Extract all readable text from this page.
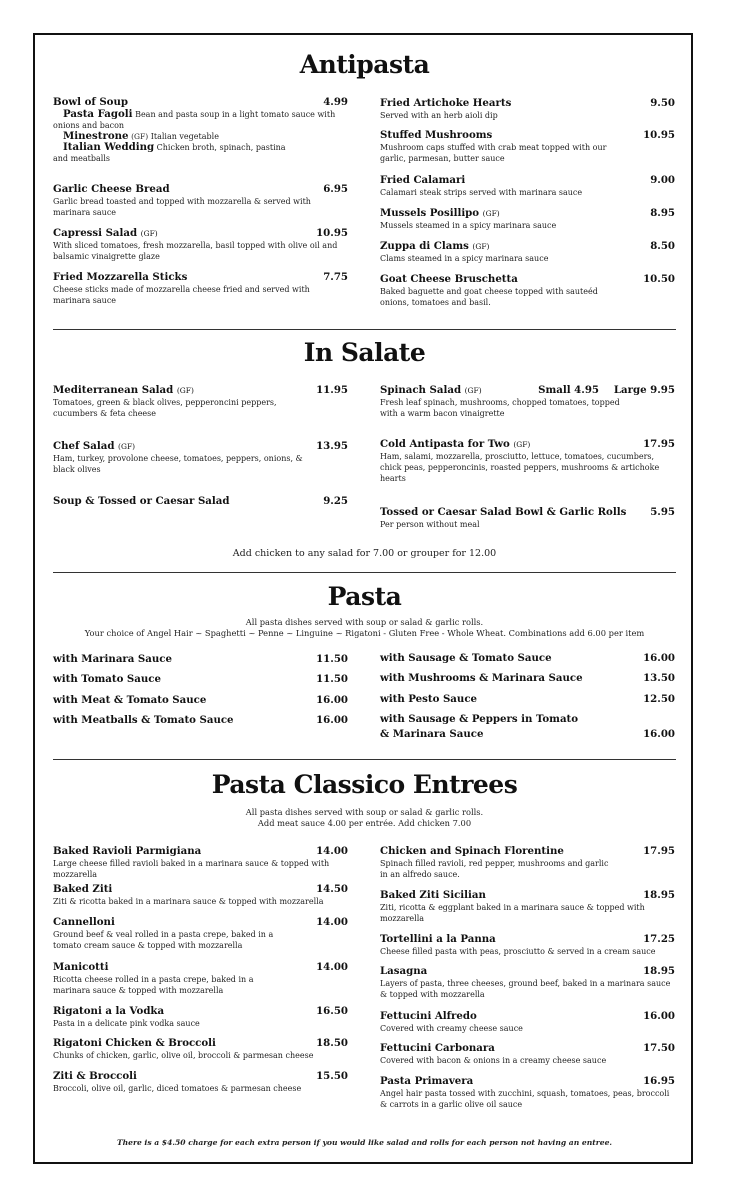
Antipasta
Bowl of Soup	4.99
Pasta Fagoli Bean and pasta soup in a light tomato sauce with
onions and bacon
Minestrone (GF) Italian vegetable
Italian Wedding Chicken broth, spinach, pastina
and meatballs
Garlic Cheese Bread	6.95
Garlic bread toasted and topped with mozzarella & served with marinara sauce
Capressi Salad (GF)	10.95
With sliced tomatoes, fresh mozzarella, basil topped with olive oil and balsamic vinaigrette glaze
Fried Mozzarella Sticks	7.75
Cheese sticks made of mozzarella cheese fried and served with marinara sauce
Fried Artichoke Hearts	9.50
Served with an herb aioli dip
Stuffed Mushrooms	10.95
Mushroom caps stuffed with crab meat topped with our garlic, parmesan, butter sauce
Fried Calamari	9.00
Calamari steak strips served with marinara sauce
Mussels Posillipo (GF)	8.95
Mussels steamed in a spicy marinara sauce
Zuppa di Clams (GF)	8.50
Clams steamed in a spicy marinara sauce
Goat Cheese Bruschetta	10.50
Baked baguette and goat cheese topped with sauteéd onions, tomatoes and basil.
In Salate
Mediterranean Salad (GF)	11.95
Tomatoes, green & black olives, pepperoncini peppers, cucumbers & feta cheese
Chef Salad (GF)	13.95
Ham, turkey, provolone cheese, tomatoes, peppers, onions, & black olives
Soup & Tossed or Caesar Salad	9.25
Spinach Salad (GF)	Small 4.95 Large 9.95
Fresh leaf spinach, mushrooms, chopped tomatoes, topped with a warm bacon vinaigrette
Cold Antipasta for Two (GF)	17.95
Ham, salami, mozzarella, prosciutto, lettuce, tomatoes, cucumbers, chick peas, pepperoncinis, roasted peppers, mushrooms & artichoke hearts
Tossed or Caesar Salad Bowl & Garlic Rolls	5.95
Per person without meal
Add chicken to any salad for 7.00 or grouper for 12.00
Pasta
All pasta dishes served with soup or salad & garlic rolls.
Your choice of Angel Hair ~ Spaghetti ~ Penne ~ Linguine ~ Rigatoni - Gluten Free - Whole Wheat. Combinations add 6.00 per item
with Marinara Sauce	11.50
with Tomato Sauce	11.50
with Meat & Tomato Sauce	16.00
with Meatballs & Tomato Sauce	16.00
with Sausage & Tomato Sauce	16.00
with Mushrooms & Marinara Sauce	13.50
with Pesto Sauce	12.50
with Sausage & Peppers in Tomato
& Marinara Sauce	16.00
Pasta Classico Entrees
All pasta dishes served with soup or salad & garlic rolls.
Add meat sauce 4.00 per entrée. Add chicken 7.00
Baked Ravioli Parmigiana	14.00
Large cheese filled ravioli baked in a marinara sauce & topped with mozzarella
Baked Ziti	14.50
Ziti & ricotta baked in a marinara sauce & topped with mozzarella
Cannelloni	14.00
Ground beef & veal rolled in a pasta crepe, baked in a tomato cream sauce & topped with mozzarella
Manicotti	14.00
Ricotta cheese rolled in a pasta crepe, baked in a marinara sauce & topped with mozzarella
Rigatoni a la Vodka	16.50
Pasta in a delicate pink vodka sauce
Rigatoni Chicken & Broccoli	18.50
Chunks of chicken, garlic, olive oil, broccoli & parmesan cheese
Ziti & Broccoli	15.50
Broccoli, olive oil, garlic, diced tomatoes & parmesan cheese
Chicken and Spinach Florentine	17.95
Spinach filled ravioli, red pepper, mushrooms and garlic in an alfredo sauce.
Baked Ziti Sicilian	18.95
Ziti, ricotta & eggplant baked in a marinara sauce & topped with mozzarella
Tortellini a la Panna	17.25
Cheese filled pasta with peas, prosciutto & served in a cream sauce
Lasagna	18.95
Layers of pasta, three cheeses, ground beef, baked in a marinara sauce & topped with mozzarella
Fettucini Alfredo	16.00
Covered with creamy cheese sauce
Fettucini Carbonara	17.50
Covered with bacon & onions in a creamy cheese sauce
Pasta Primavera	16.95
Angel hair pasta tossed with zucchini, squash, tomatoes, peas, broccoli & carrots in a garlic olive oil sauce
There is a $4.50 charge for each extra person if you would like salad and rolls for each person not having an entree.
